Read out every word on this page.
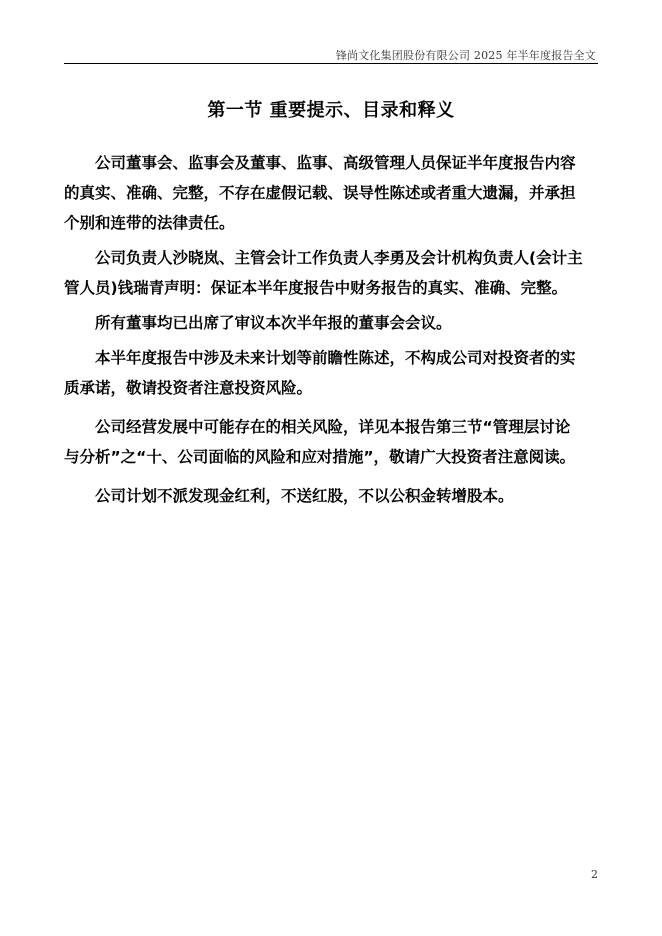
锋尚文化集团股份有限公司 2025 年半年度报告全文
第一节 重要提示、目录和释义

公司董事会、监事会及董事、监事、高级管理人员保证半年度报告内容
的真实、准确、完整，不存在虚假记载、误导性陈述或者重大遗漏，并承担
个别和连带的法律责任。

公司负责人沙晓岚、主管会计工作负责人李勇及会计机构负责人(会计主
管人员)钱瑞青声明：保证本半年度报告中财务报告的真实、准确、完整。

所有董事均已出席了审议本次半年报的董事会会议。

本半年度报告中涉及未来计划等前瞻性陈述，不构成公司对投资者的实
质承诺，敬请投资者注意投资风险。

公司经营发展中可能存在的相关风险，详见本报告第三节“管理层讨论
与分析”之“十、公司面临的风险和应对措施”，敬请广大投资者注意阅读。

公司计划不派发现金红利，不送红股，不以公积金转增股本。

2
